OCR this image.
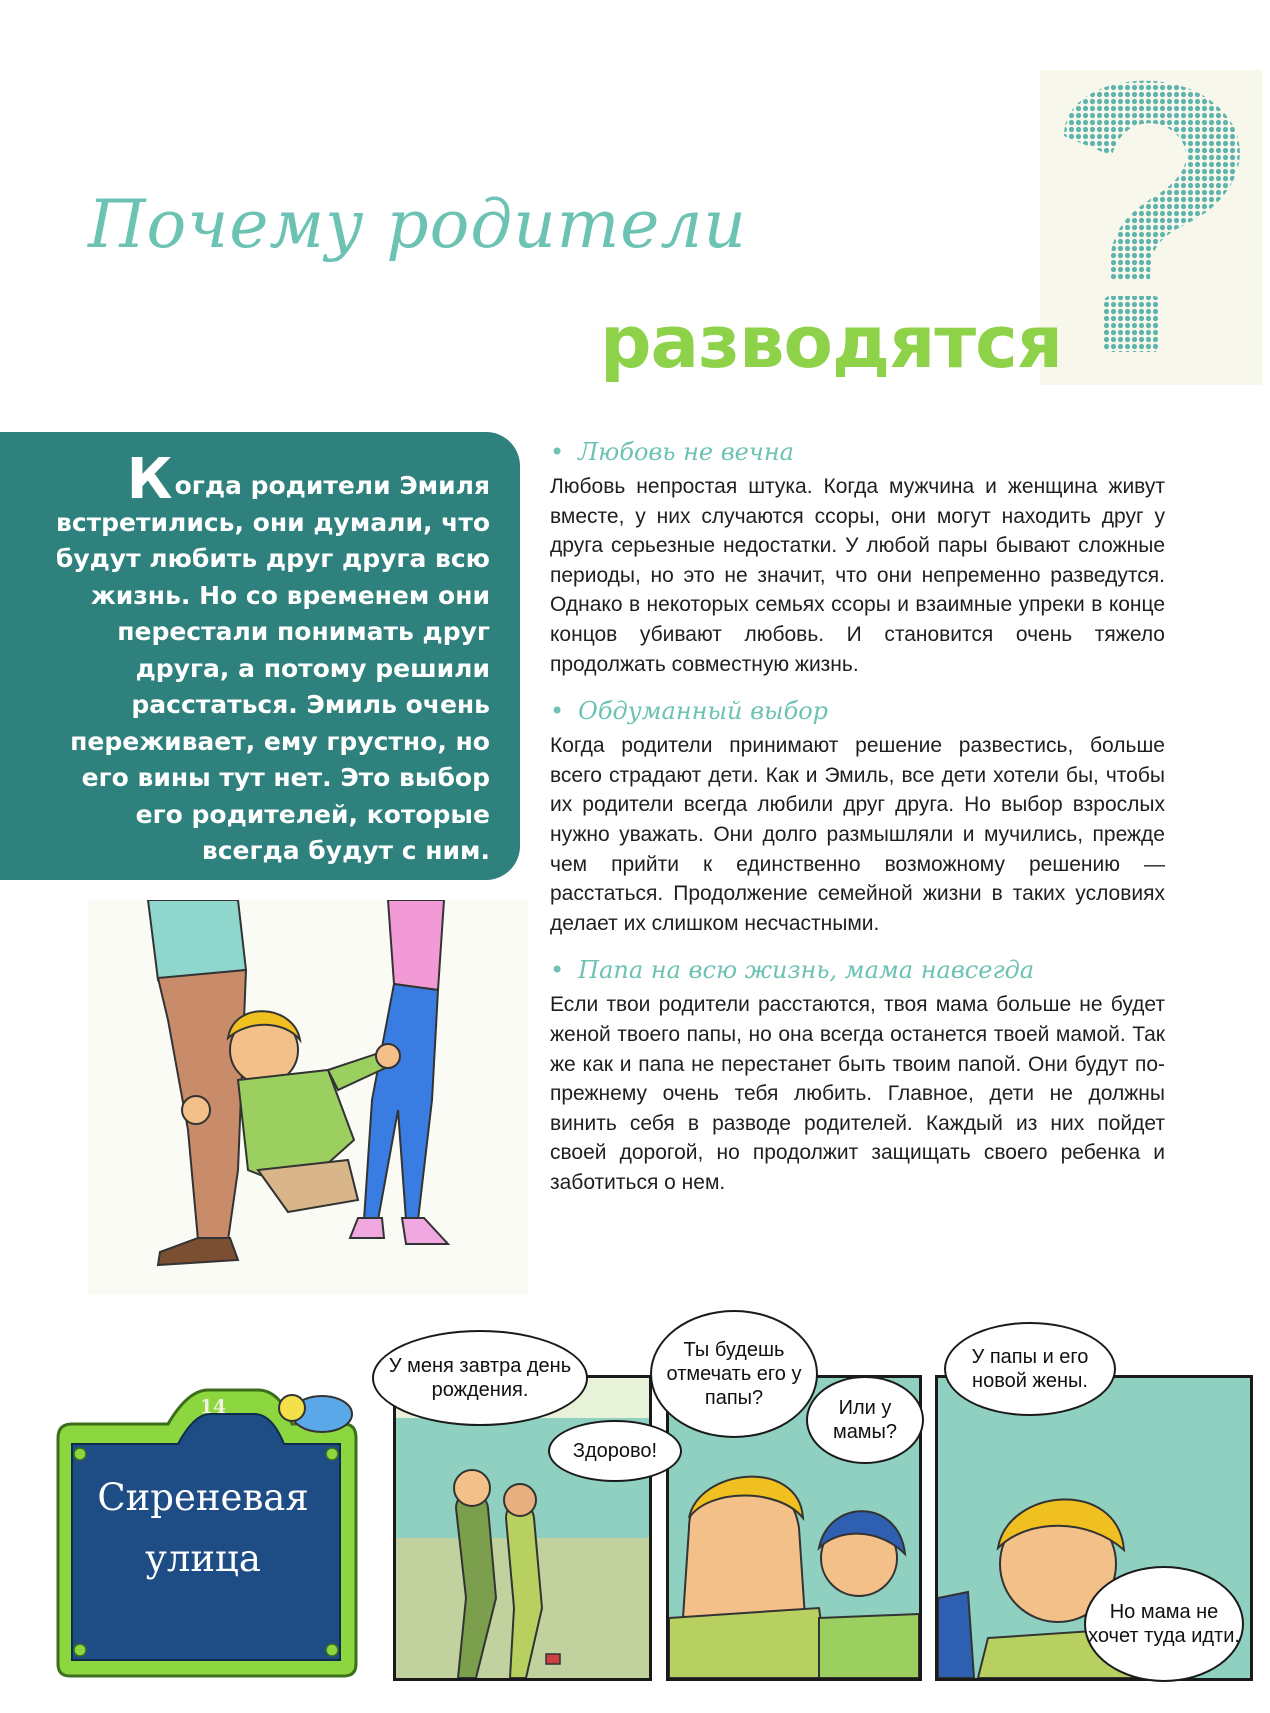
Почему родители
разводятся
Когда родители Эмиля встретились, они думали, что будут любить друг друга всю жизнь. Но со временем они перестали понимать друг друга, а потому решили расстаться. Эмиль очень переживает, ему грустно, но его вины тут нет. Это выбор его родителей, которые всегда будут с ним.
• Любовь не вечна

Любовь непростая штука. Когда мужчина и женщина живут вместе, у них случаются ссоры, они могут находить друг у друга серьезные недостатки. У любой пары бывают сложные периоды, но это не значит, что они непременно разведутся. Однако в некоторых семьях ссоры и взаимные упреки в конце концов убивают любовь. И становится очень тяжело продолжать совместную жизнь.

• Обдуманный выбор

Когда родители принимают решение развестись, больше всего страдают дети. Как и Эмиль, все дети хотели бы, чтобы их родители всегда любили друг друга. Но выбор взрослых нужно уважать. Они долго размышляли и мучились, прежде чем прийти к единственно возможному решению — расстаться. Продолжение семейной жизни в таких условиях делает их слишком несчастными.

• Папа на всю жизнь, мама навсегда

Если твои родители расстаются, твоя мама больше не будет женой твоего папы, но она всегда останется твоей мамой. Так же как и папа не перестанет быть твоим папой. Они будут по-прежнему очень тебя любить. Главное, дети не должны винить себя в разводе родителей. Каждый из них пойдет своей дорогой, но продолжит защищать своего ребенка и заботиться о нем.

14
Сиреневая
улица
У меня завтра день рождения.
Здорово!
Ты будешь отмечать его у папы?	Или у мамы?
У папы и его новой жены.
Но мама не хочет туда идти.
